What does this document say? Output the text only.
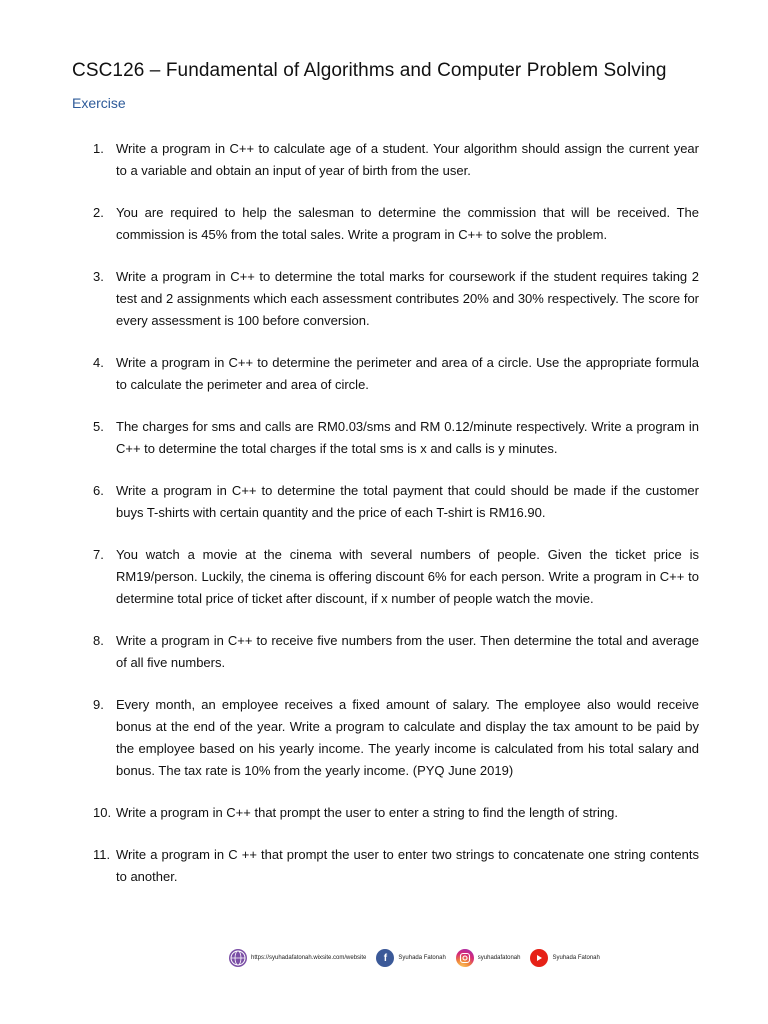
CSC126 – Fundamental of Algorithms and Computer Problem Solving
Exercise
1. Write a program in C++ to calculate age of a student. Your algorithm should assign the current year to a variable and obtain an input of year of birth from the user.
2. You are required to help the salesman to determine the commission that will be received. The commission is 45% from the total sales. Write a program in C++ to solve the problem.
3. Write a program in C++ to determine the total marks for coursework if the student requires taking 2 test and 2 assignments which each assessment contributes 20% and 30% respectively. The score for every assessment is 100 before conversion.
4. Write a program in C++ to determine the perimeter and area of a circle. Use the appropriate formula to calculate the perimeter and area of circle.
5. The charges for sms and calls are RM0.03/sms and RM 0.12/minute respectively. Write a program in C++ to determine the total charges if the total sms is x and calls is y minutes.
6. Write a program in C++ to determine the total payment that could should be made if the customer buys T-shirts with certain quantity and the price of each T-shirt is RM16.90.
7. You watch a movie at the cinema with several numbers of people. Given the ticket price is RM19/person. Luckily, the cinema is offering discount 6% for each person. Write a program in C++ to determine total price of ticket after discount, if x number of people watch the movie.
8. Write a program in C++ to receive five numbers from the user. Then determine the total and average of all five numbers.
9. Every month, an employee receives a fixed amount of salary. The employee also would receive bonus at the end of the year. Write a program to calculate and display the tax amount to be paid by the employee based on his yearly income. The yearly income is calculated from his total salary and bonus. The tax rate is 10% from the yearly income. (PYQ June 2019)
10. Write a program in C++ that prompt the user to enter a string to find the length of string.
11. Write a program in C ++ that prompt the user to enter two strings to concatenate one string contents to another.
https://syuhadafatonah.wixsite.com/website	f	Syuhada Fatonah	syuhadafatonah	Syuhada Fatonah
